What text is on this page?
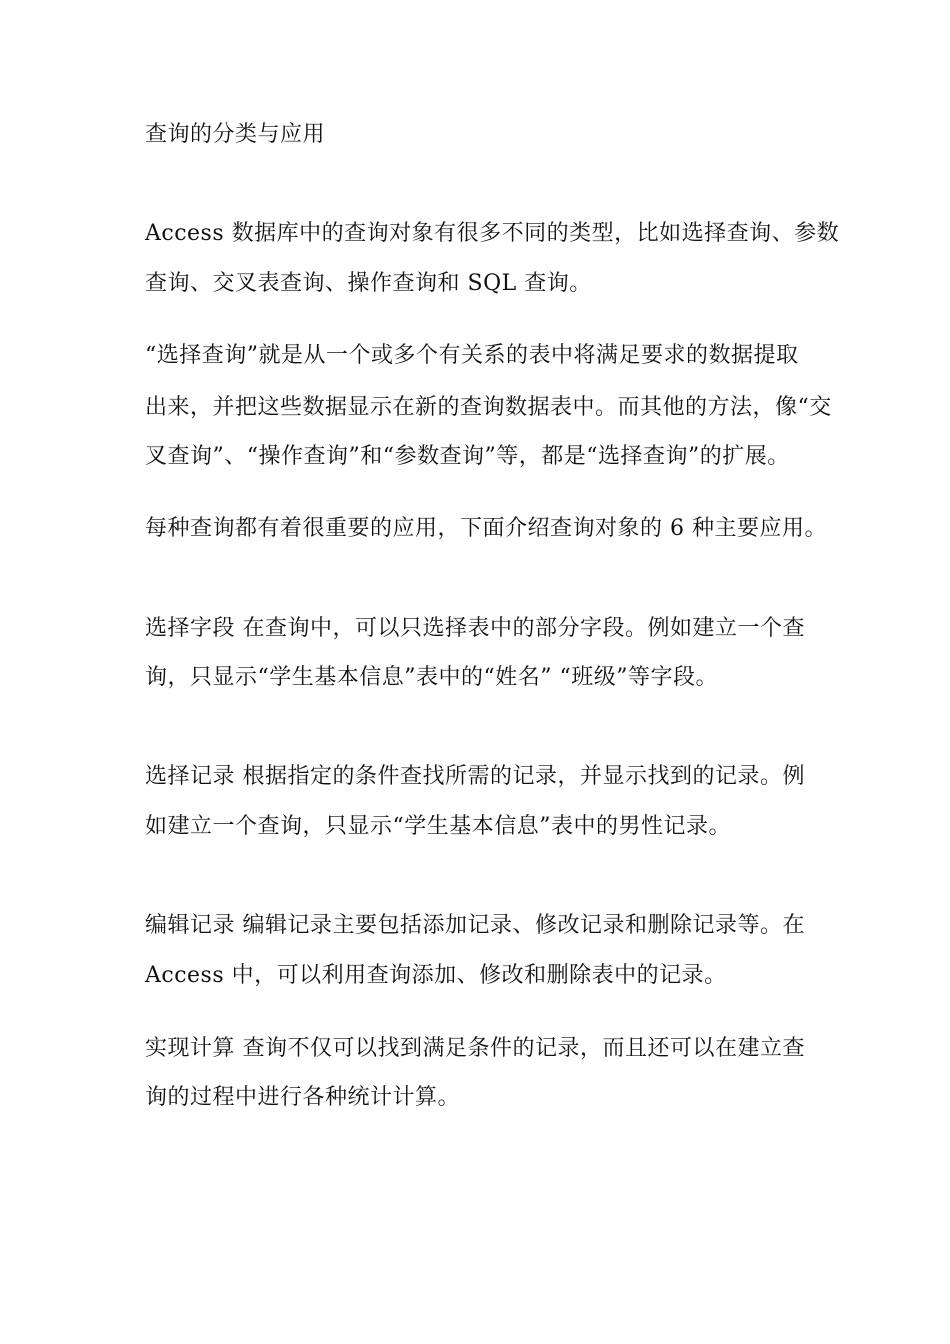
查询的分类与应用
Access 数据库中的查询对象有很多不同的类型，比如选择查询、参数
查询、交叉表查询、操作查询和 SQL 查询。
“选择查询”就是从一个或多个有关系的表中将满足要求的数据提取
出来，并把这些数据显示在新的查询数据表中。而其他的方法，像“交
叉查询”、“操作查询”和“参数查询”等，都是“选择查询”的扩展。
每种查询都有着很重要的应用，下面介绍查询对象的 6 种主要应用。
选择字段 在查询中，可以只选择表中的部分字段。例如建立一个查
询，只显示“学生基本信息”表中的“姓名” “班级”等字段。
选择记录 根据指定的条件查找所需的记录，并显示找到的记录。例
如建立一个查询，只显示“学生基本信息”表中的男性记录。
编辑记录 编辑记录主要包括添加记录、修改记录和删除记录等。在
Access 中，可以利用查询添加、修改和删除表中的记录。
实现计算 查询不仅可以找到满足条件的记录，而且还可以在建立查
询的过程中进行各种统计计算。
